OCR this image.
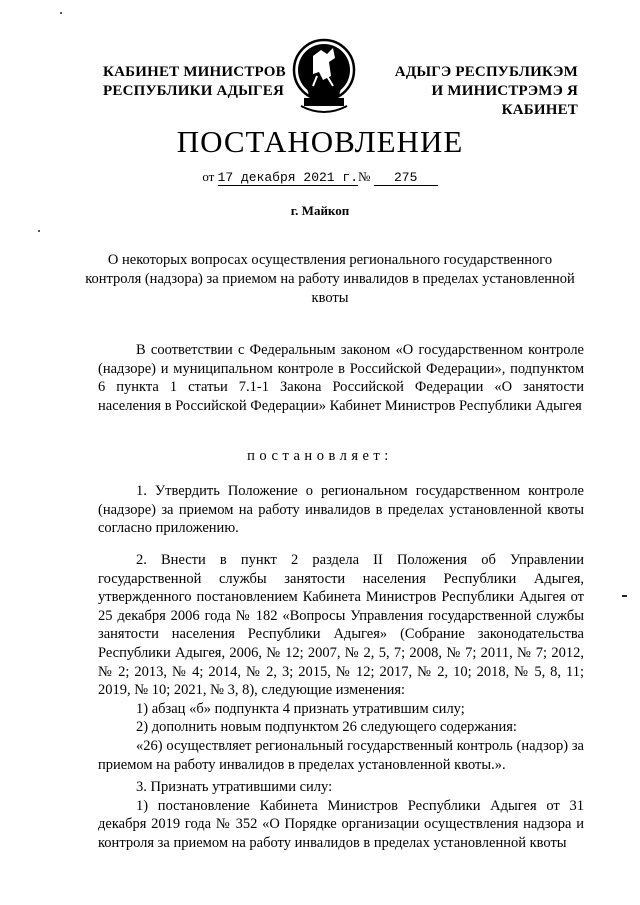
КАБИНЕТ МИНИСТРОВ
РЕСПУБЛИКИ АДЫГЕЯ
АДЫГЭ РЕСПУБЛИКЭМ
И МИНИСТРЭМЭ Я КАБИНЕТ
ПОСТАНОВЛЕНИЕ
от 17 декабря 2021 г.№ 275
г. Майкоп
О некоторых вопросах осуществления регионального государственного контроля (надзора) за приемом на работу инвалидов в пределах установленной квоты

В соответствии с Федеральным законом «О государственном контроле (надзоре) и муниципальном контроле в Российской Федерации», подпунктом 6 пункта 1 статьи 7.1-1 Закона Российской Федерации «О занятости населения в Российской Федерации» Кабинет Министров Республики Адыгея

постановляет:

1. Утвердить Положение о региональном государственном контроле (надзоре) за приемом на работу инвалидов в пределах установленной квоты согласно приложению.

2. Внести в пункт 2 раздела II Положения об Управлении государственной службы занятости населения Республики Адыгея, утвержденного постановлением Кабинета Министров Республики Адыгея от 25 декабря 2006 года № 182 «Вопросы Управления государственной службы занятости населения Республики Адыгея» (Собрание законодательства Республики Адыгея, 2006, № 12; 2007, № 2, 5, 7; 2008, № 7; 2011, № 7; 2012, № 2; 2013, № 4; 2014, № 2, 3; 2015, № 12; 2017, № 2, 10; 2018, № 5, 8, 11; 2019, № 10; 2021, № 3, 8), следующие изменения:

1) абзац «б» подпункта 4 признать утратившим силу;

2) дополнить новым подпунктом 26 следующего содержания:

«26) осуществляет региональный государственный контроль (надзор) за приемом на работу инвалидов в пределах установленной квоты.».

3. Признать утратившими силу:

1) постановление Кабинета Министров Республики Адыгея от 31 декабря 2019 года № 352 «О Порядке организации осуществления надзора и контроля за приемом на работу инвалидов в пределах установленной квоты
